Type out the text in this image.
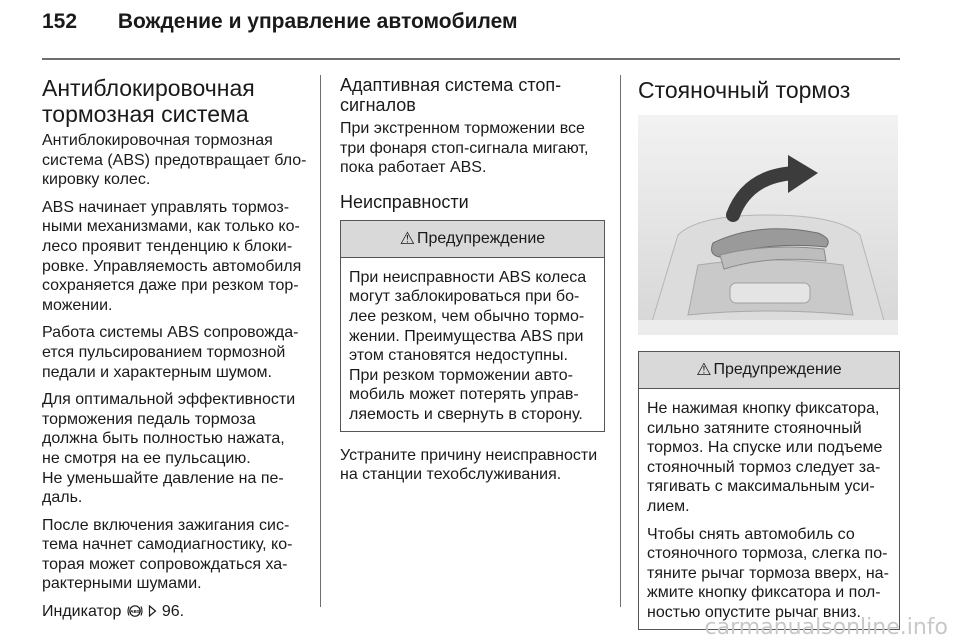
152 Вождение и управление автомобилем
Антиблокировочная
тормозная система

Антиблокировочная тормозная
система (ABS) предотвращает бло-
кировку колес.

ABS начинает управлять тормоз-
ными механизмами, как только ко-
лесо проявит тенденцию к блоки-
ровке. Управляемость автомобиля
сохраняется даже при резком тор-
можении.

Работа системы ABS сопровожда-
ется пульсированием тормозной
педали и характерным шумом.

Для оптимальной эффективности
торможения педаль тормоза
должна быть полностью нажата,
не смотря на ее пульсацию.
Не уменьшайте давление на пе-
даль.

После включения зажигания сис-
тема начнет самодиагностику, ко-
торая может сопровождаться ха-
рактерными шумами.

Индикатор ABS 96.

Адаптивная система стоп-
сигналов

При экстренном торможении все
три фонаря стоп-сигнала мигают,
пока работает ABS.

Неисправности
⚠ Предупреждение
При неисправности ABS колеса
могут заблокироваться при бо-
лее резком, чем обычно тормо-
жении. Преимущества ABS при
этом становятся недоступны.
При резком торможении авто-
мобиль может потерять управ-
ляемость и свернуть в сторону.

Устраните причину неисправности
на станции техобслуживания.

Стояночный тормоз
⚠ Предупреждение

Не нажимая кнопку фиксатора,
сильно затяните стояночный
тормоз. На спуске или подъеме
стояночный тормоз следует за-
тягивать с максимальным уси-
лием.

Чтобы снять автомобиль со
стояночного тормоза, слегка по-
тяните рычаг тормоза вверх, на-
жмите кнопку фиксатора и пол-
ностью опустите рычаг вниз.

carmanualsonline.info
